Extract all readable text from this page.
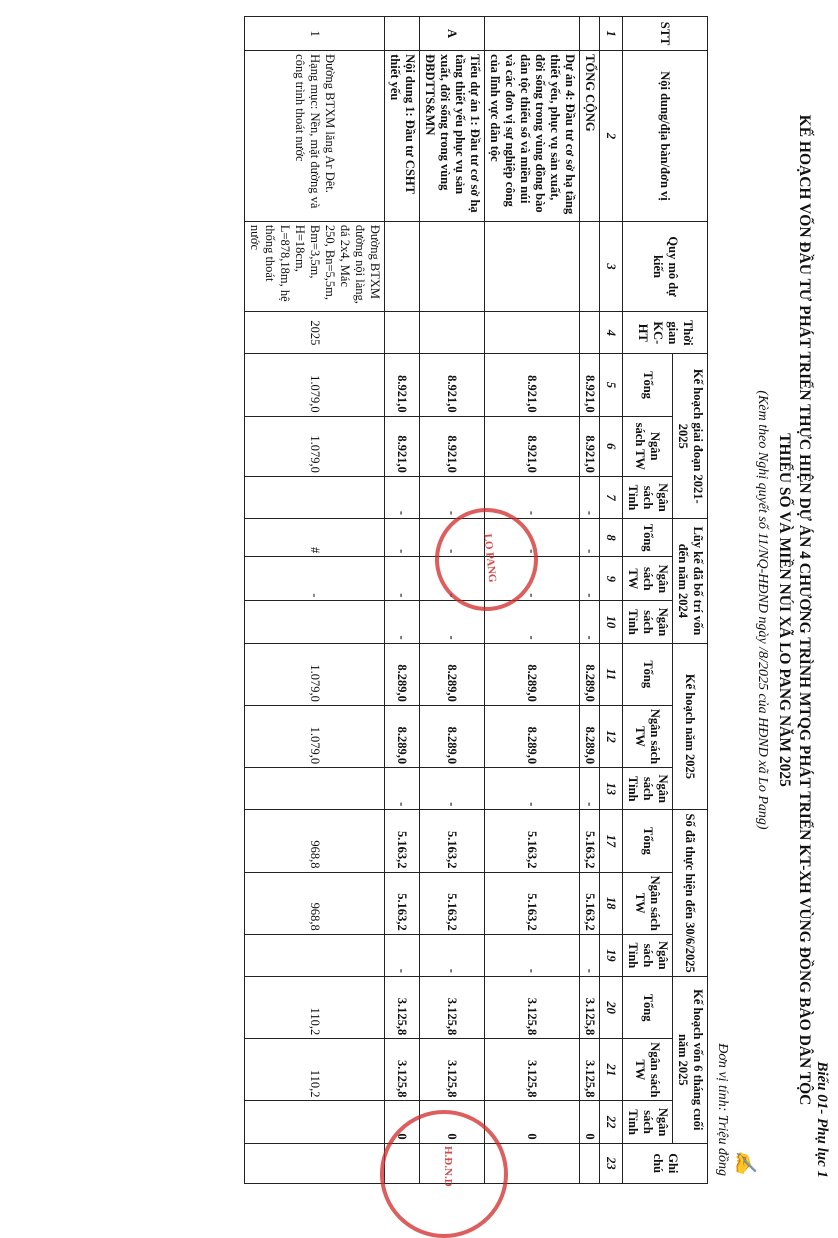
Biểu 01- Phụ lục 1
KẾ HOẠCH VỐN ĐẦU TƯ PHÁT TRIỂN THỰC HIỆN DỰ ÁN 4 CHƯƠNG TRÌNH MTQG PHÁT TRIỂN KT-XH VÙNG ĐỒNG BÀO DÂN TỘC
THIỂU SỐ VÀ MIỀN NÚI XÃ LO PANG NĂM 2025
(Kèm theo Nghị quyết số 11/NQ-HĐND ngày /8/2025 của HĐND xã Lo Pang)
Đơn vị tính: Triệu đồng
STT	Nội dung/địa bàn/đơn vị	Quy mô dự kiến	Thời gian KC-HT	Kế hoạch giai đoạn 2021-2025			Lũy kế đã bố trí vốn đến năm 2024			Kế hoạch năm 2025			Số đã thực hiện đến 30/6/2025			Kế hoạch vốn 6 tháng cuối năm 2025			Ghi chú
				Tổng	Ngân sách TW	Ngân sách Tỉnh	Tổng	Ngân sách TW	Ngân sách Tỉnh	Tổng	Ngân sách TW	Ngân sách Tỉnh	Tổng	Ngân sách TW	Ngân sách Tỉnh	Tổng	Ngân sách TW	Ngân sách Tỉnh	
1	2	3	4	5	6	7	8	9	10	11	12	13	17	18	19	20	21	22	23
	TỔNG CỘNG			8.921,0	8.921,0	-	-	-	-	8.289,0	8.289,0	-	5.163,2	5.163,2	-	3.125,8	3.125,8	0	
	Dự án 4: Đầu tư cơ sở hạ tầng thiết yếu, phục vụ sản xuất, đời sống trong vùng đồng bào dân tộc thiểu số và miền núi và các đơn vị sự nghiệp công của lĩnh vực dân tộc			8.921,0	8.921,0	-	-	-	-	8.289,0	8.289,0	-	5.163,2	5.163,2	-	3.125,8	3.125,8	0	
A	Tiểu dự án 1: Đầu tư cơ sở hạ tầng thiết yếu phục vụ sản xuất, đời sống trong vùng ĐBDTTS&MN			8.921,0	8.921,0	-	-	-	-	8.289,0	8.289,0	-	5.163,2	5.163,2	-	3.125,8	3.125,8	0	
	Nội dung 1: Đầu tư CSHT thiết yếu			8.921,0	8.921,0	-	-	-	-	8.289,0	8.289,0	-	5.163,2	5.163,2	-	3.125,8	3.125,8	0	
1	Đường BTXM lăng Ar Dêt. Hạng mục: Nền, mặt đường và công trình thoát nước	Đường BTXM đường nội làng, đá 2x4, Mác 250, Bn=5,5m, Bm=3,5m, H=18cm, L=878,18m, hệ thống thoát nước	2025	1.079,0	1.079,0		#	-		1.079,0	1.079,0		968,8	968,8		110,2	110,2		
LO PANG
H.Đ.N.D	✍
